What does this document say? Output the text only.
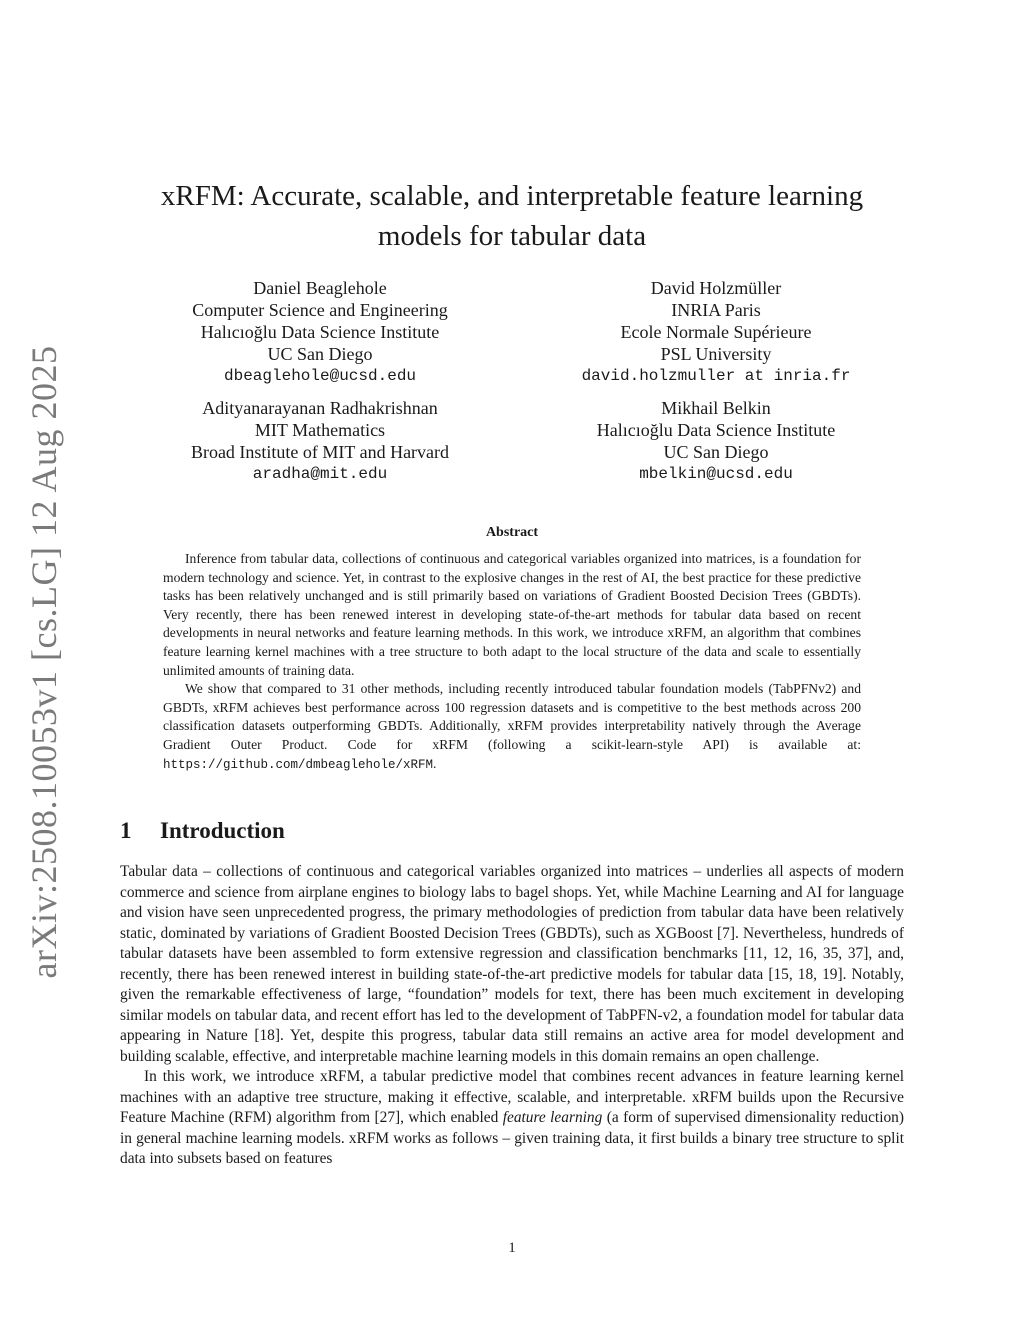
arXiv:2508.10053v1 [cs.LG] 12 Aug 2025
xRFM: Accurate, scalable, and interpretable feature learning
models for tabular data
Daniel Beaglehole
Computer Science and Engineering
Halıcıoğlu Data Science Institute
UC San Diego
dbeaglehole@ucsd.edu
David Holzmüller
INRIA Paris
Ecole Normale Supérieure
PSL University
david.holzmuller at inria.fr
Adityanarayanan Radhakrishnan
MIT Mathematics
Broad Institute of MIT and Harvard
aradha@mit.edu
Mikhail Belkin
Halıcıoğlu Data Science Institute
UC San Diego
mbelkin@ucsd.edu
Abstract

Inference from tabular data, collections of continuous and categorical variables organized into matrices, is a foundation for modern technology and science. Yet, in contrast to the explosive changes in the rest of AI, the best practice for these predictive tasks has been relatively unchanged and is still primarily based on variations of Gradient Boosted Decision Trees (GBDTs). Very recently, there has been renewed interest in developing state-of-the-art methods for tabular data based on recent developments in neural networks and feature learning methods. In this work, we introduce xRFM, an algorithm that combines feature learning kernel machines with a tree structure to both adapt to the local structure of the data and scale to essentially unlimited amounts of training data.

We show that compared to 31 other methods, including recently introduced tabular foundation models (TabPFNv2) and GBDTs, xRFM achieves best performance across 100 regression datasets and is competitive to the best methods across 200 classification datasets outperforming GBDTs. Additionally, xRFM provides interpretability natively through the Average Gradient Outer Product. Code for xRFM (following a scikit-learn-style API) is available at: https://github.com/dmbeaglehole/xRFM.

1 Introduction

Tabular data – collections of continuous and categorical variables organized into matrices – underlies all aspects of modern commerce and science from airplane engines to biology labs to bagel shops. Yet, while Machine Learning and AI for language and vision have seen unprecedented progress, the primary methodologies of prediction from tabular data have been relatively static, dominated by variations of Gradient Boosted Decision Trees (GBDTs), such as XGBoost [7]. Nevertheless, hundreds of tabular datasets have been assembled to form extensive regression and classification benchmarks [11, 12, 16, 35, 37], and, recently, there has been renewed interest in building state-of-the-art predictive models for tabular data [15, 18, 19]. Notably, given the remarkable effectiveness of large, “foundation” models for text, there has been much excitement in developing similar models on tabular data, and recent effort has led to the development of TabPFN-v2, a foundation model for tabular data appearing in Nature [18]. Yet, despite this progress, tabular data still remains an active area for model development and building scalable, effective, and interpretable machine learning models in this domain remains an open challenge.

In this work, we introduce xRFM, a tabular predictive model that combines recent advances in feature learning kernel machines with an adaptive tree structure, making it effective, scalable, and interpretable. xRFM builds upon the Recursive Feature Machine (RFM) algorithm from [27], which enabled feature learning (a form of supervised dimensionality reduction) in general machine learning models. xRFM works as follows – given training data, it first builds a binary tree structure to split data into subsets based on features

1
